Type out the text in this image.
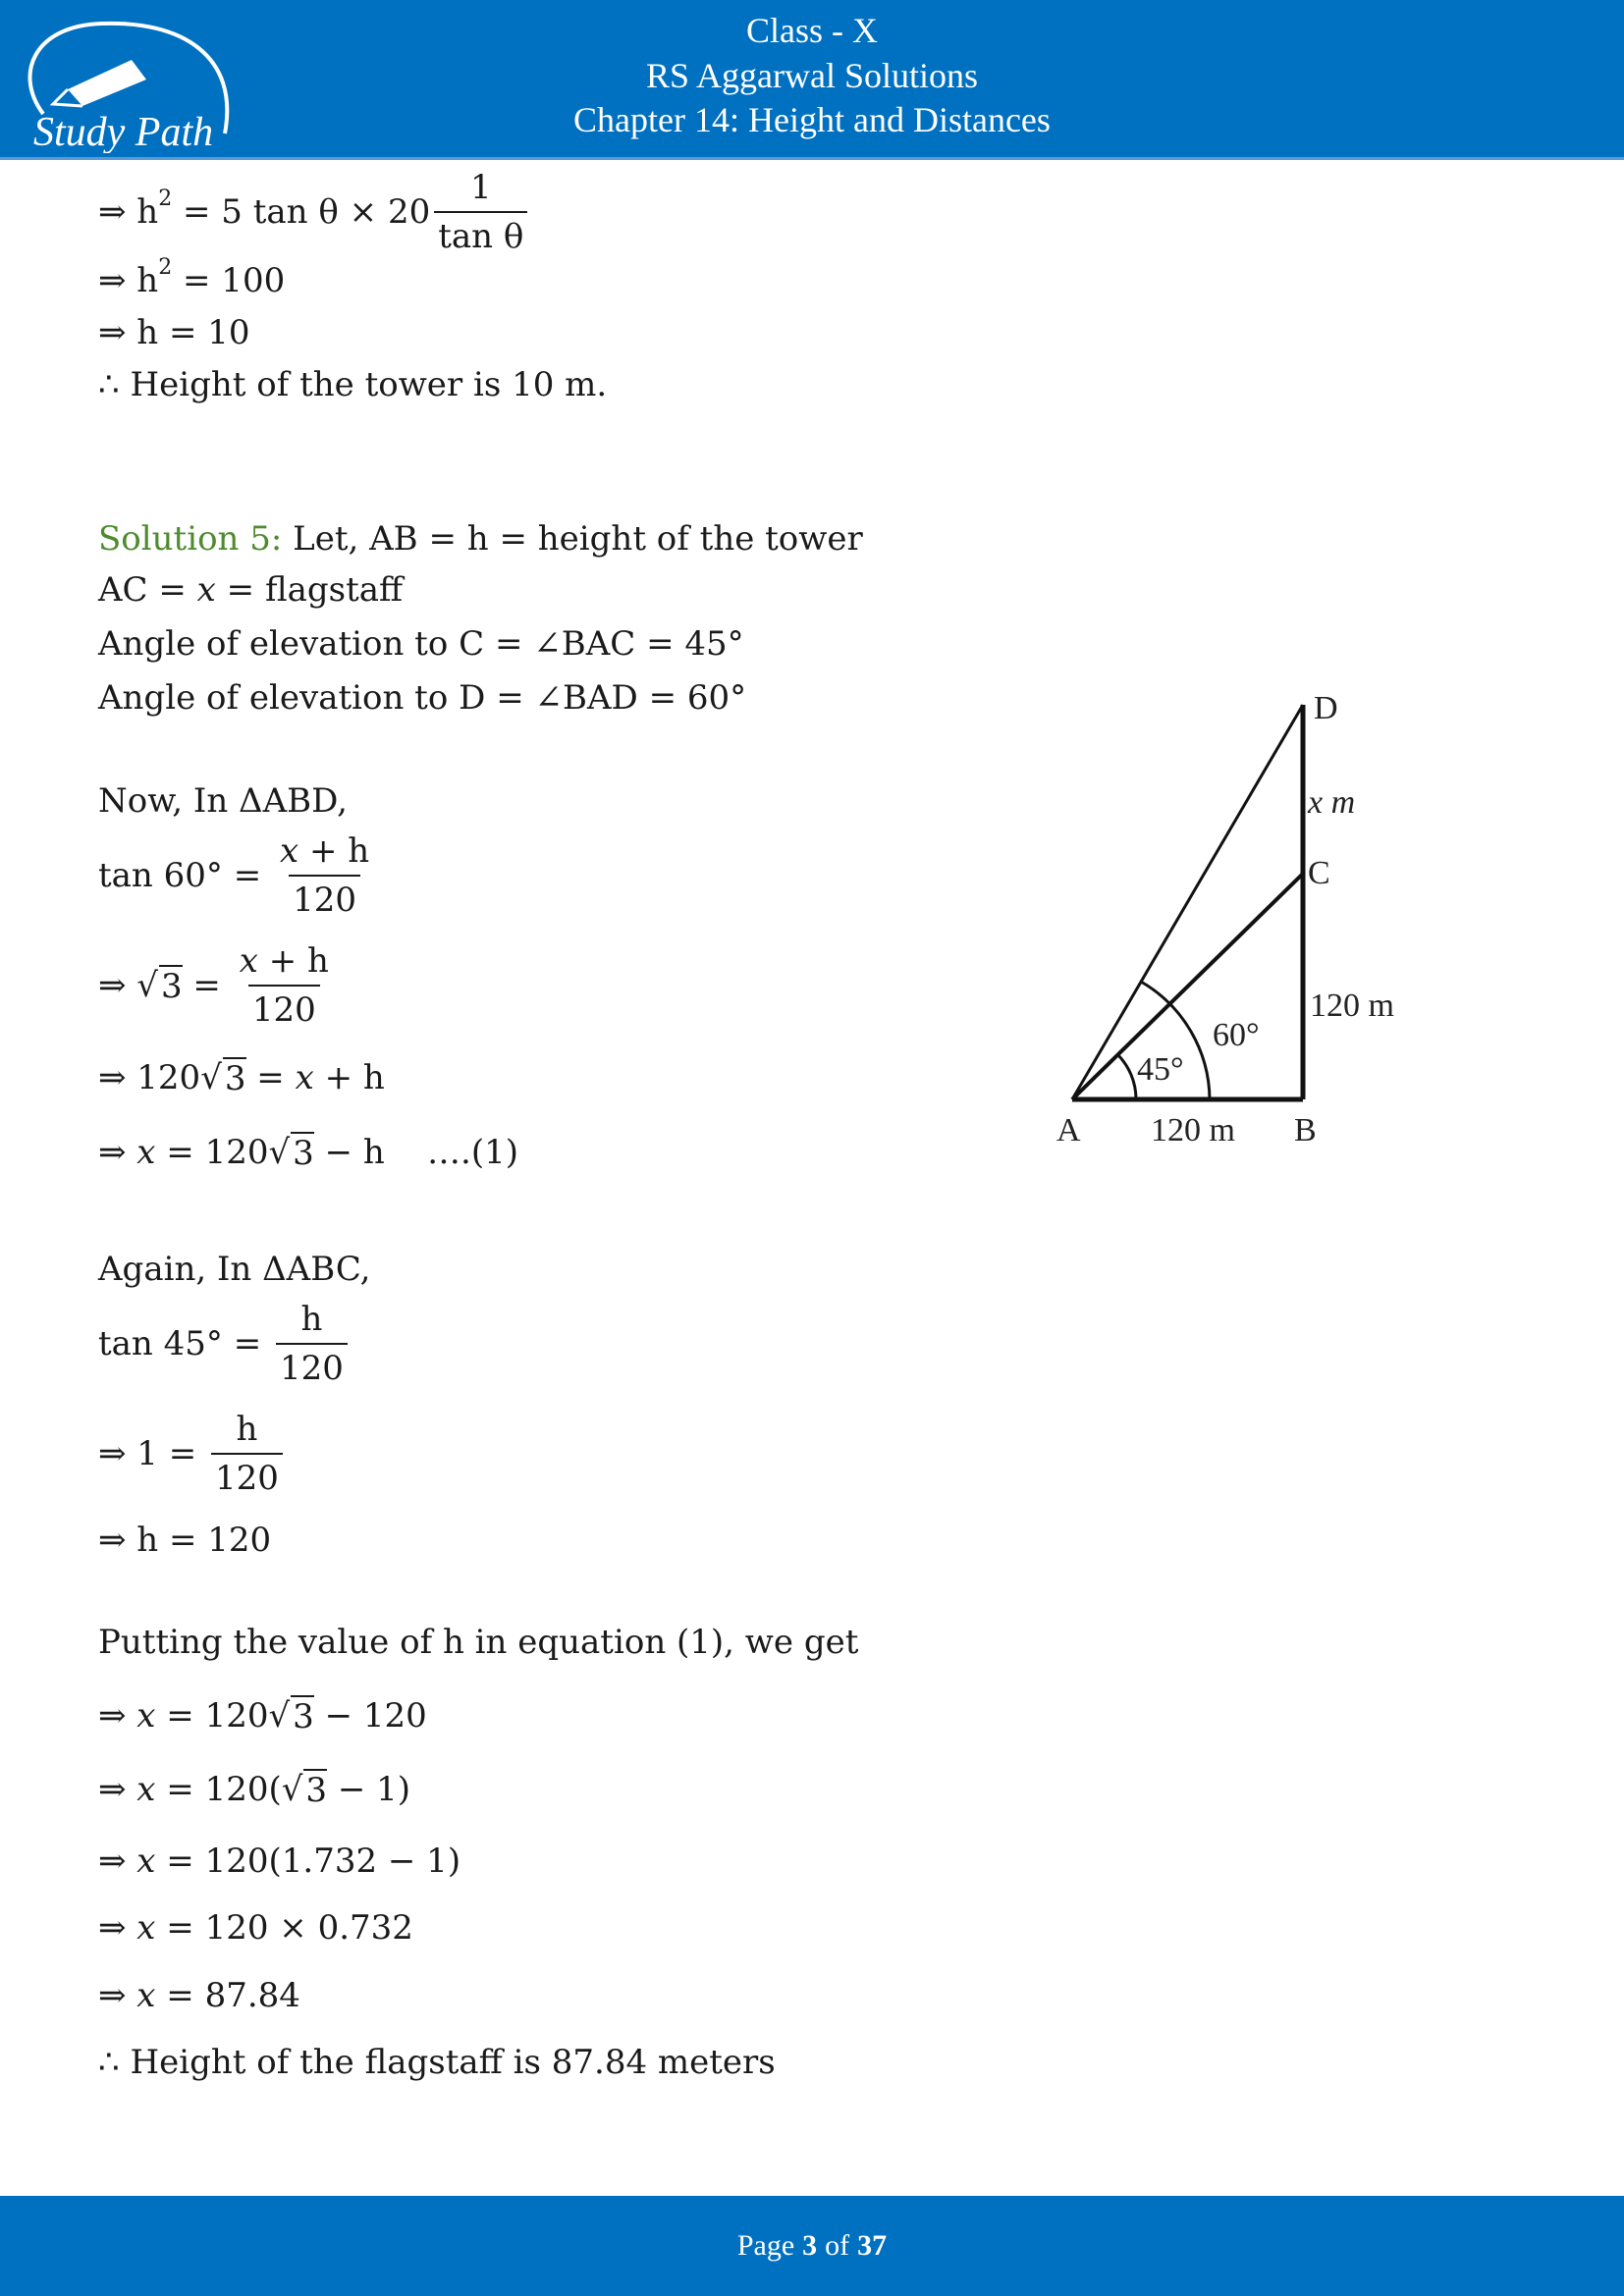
Study Path
Class - X
RS Aggarwal Solutions
Chapter 14: Height and Distances
⇒ h 2 = 5 $\tan \theta \times 20 \frac{1}{\text{tan θ}}$
⇒ h 2 = 100
⇒ h = 10
∴ Height of the tower is 10 m.
Solution 5: Let, AB = h = height of the tower
AC = x = flagstaff
Angle of elevation to C = ∠BAC = 45°
Angle of elevation to D = ∠BAD = 60°
Now, In ΔABD,
$\tan 60^\circ = \frac{x + h}{120}$
⇒ √ $3 = \frac{x + h}{120}$
⇒ 120√ 3 = x + h
⇒ x = 120√ 3 − h    ….(1)
Again, In ΔABC,
$\tan 45^\circ = \frac{h}{120}$
⇒ $1 = \frac{h}{120}$
⇒ h = 120
Putting the value of h in equation (1), we get
⇒ x = 120√ 3 − 120
⇒ x = 120(√ 3 − 1)
⇒ x = 120(1.732 − 1)
⇒ x = 120 × 0.732
⇒ x = 87.84
∴ Height of the flagstaff is 87.84 meters
D
C
A	B
x m
120 m
120 m
45°
60°
Page 3 of 37
